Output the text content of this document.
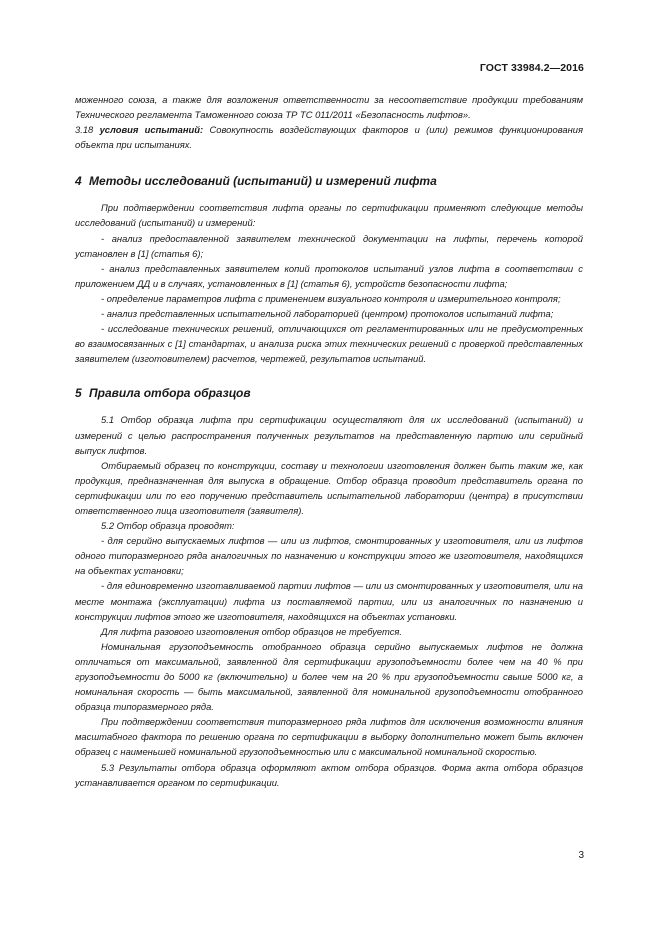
ГОСТ 33984.2—2016

моженного союза, а также для возложения ответственности за несоответствие продукции требованиям Технического регламента Таможенного союза ТР ТС 011/2011 «Безопасность лифтов».

3.18 условия испытаний: Совокупность воздействующих факторов и (или) режимов функционирования объекта при испытаниях.

4 Методы исследований (испытаний) и измерений лифта

При подтверждении соответствия лифта органы по сертификации применяют следующие методы исследований (испытаний) и измерений:

- анализ предоставленной заявителем технической документации на лифты, перечень которой установлен в [1] (статья 6);

- анализ представленных заявителем копий протоколов испытаний узлов лифта в соответствии с приложением ДД и в случаях, установленных в [1] (статья 6), устройств безопасности лифта;

- определение параметров лифта с применением визуального контроля и измерительного контроля;

- анализ представленных испытательной лабораторией (центром) протоколов испытаний лифта;

- исследование технических решений, отличающихся от регламентированных или не предусмотренных во взаимосвязанных с [1] стандартах, и анализа риска этих технических решений с проверкой представленных заявителем (изготовителем) расчетов, чертежей, результатов испытаний.

5 Правила отбора образцов

5.1 Отбор образца лифта при сертификации осуществляют для их исследований (испытаний) и измерений с целью распространения полученных результатов на представленную партию или серийный выпуск лифтов.

Отбираемый образец по конструкции, составу и технологии изготовления должен быть таким же, как продукция, предназначенная для выпуска в обращение. Отбор образца проводит представитель органа по сертификации или по его поручению представитель испытательной лаборатории (центра) в присутствии ответственного лица изготовителя (заявителя).

5.2 Отбор образца проводят:

- для серийно выпускаемых лифтов — или из лифтов, смонтированных у изготовителя, или из лифтов одного типоразмерного ряда аналогичных по назначению и конструкции этого же изготовителя, находящихся на объектах установки;

- для единовременно изготавливаемой партии лифтов — или из смонтированных у изготовителя, или на месте монтажа (эксплуатации) лифта из поставляемой партии, или из аналогичных по назначению и конструкции лифтов этого же изготовителя, находящихся на объектах установки.

Для лифта разового изготовления отбор образцов не требуется.

Номинальная грузоподъемность отобранного образца серийно выпускаемых лифтов не должна отличаться от максимальной, заявленной для сертификации грузоподъемности более чем на 40 % при грузоподъемности до 5000 кг (включительно) и более чем на 20 % при грузоподъемности свыше 5000 кг, а номинальная скорость — быть максимальной, заявленной для номинальной грузоподъемности отобранного образца типоразмерного ряда.

При подтверждении соответствия типоразмерного ряда лифтов для исключения возможности влияния масштабного фактора по решению органа по сертификации в выборку дополнительно может быть включен образец с наименьшей номинальной грузоподъемностью или с максимальной номинальной скоростью.

5.3 Результаты отбора образца оформляют актом отбора образцов. Форма акта отбора образцов устанавливается органом по сертификации.

3
